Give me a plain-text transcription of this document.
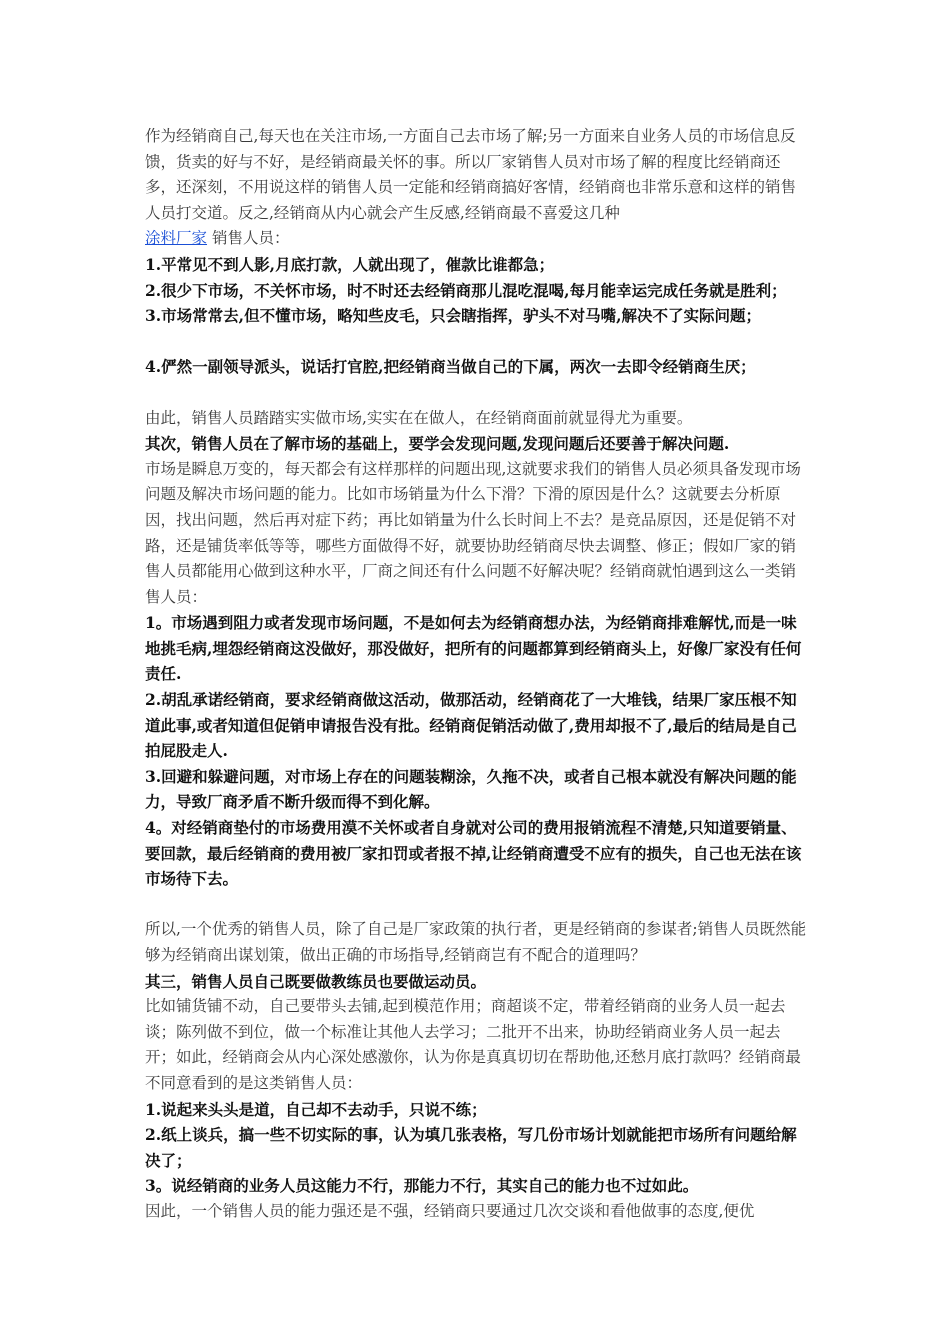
作为经销商自己,每天也在关注市场,一方面自己去市场了解;另一方面来自业务人员的市场信息反馈，货卖的好与不好，是经销商最关怀的事。所以厂家销售人员对市场了解的程度比经销商还多，还深刻，不用说这样的销售人员一定能和经销商搞好客情，经销商也非常乐意和这样的销售人员打交道。反之,经销商从内心就会产生反感,经销商最不喜爱这几种
涂料厂家 销售人员：

1.平常见不到人影,月底打款，人就出现了，催款比谁都急；

2.很少下市场，不关怀市场，时不时还去经销商那儿混吃混喝,每月能幸运完成任务就是胜利；

3.市场常常去,但不懂市场，略知些皮毛，只会瞎指挥，驴头不对马嘴,解决不了实际问题；

4.俨然一副领导派头，说话打官腔,把经销商当做自己的下属，两次一去即令经销商生厌；

由此，销售人员踏踏实实做市场,实实在在做人，在经销商面前就显得尤为重要。

其次，销售人员在了解市场的基础上，要学会发现问题,发现问题后还要善于解决问题.

市场是瞬息万变的，每天都会有这样那样的问题出现,这就要求我们的销售人员必须具备发现市场问题及解决市场问题的能力。比如市场销量为什么下滑？下滑的原因是什么？这就要去分析原因，找出问题，然后再对症下药；再比如销量为什么长时间上不去？是竞品原因，还是促销不对路，还是铺货率低等等，哪些方面做得不好，就要协助经销商尽快去调整、修正；假如厂家的销售人员都能用心做到这种水平，厂商之间还有什么问题不好解决呢？经销商就怕遇到这么一类销售人员：

1。市场遇到阻力或者发现市场问题，不是如何去为经销商想办法，为经销商排难解忧,而是一味地挑毛病,埋怨经销商这没做好，那没做好，把所有的问题都算到经销商头上，好像厂家没有任何责任.

2.胡乱承诺经销商，要求经销商做这活动，做那活动，经销商花了一大堆钱，结果厂家压根不知道此事,或者知道但促销申请报告没有批。经销商促销活动做了,费用却报不了,最后的结局是自己拍屁股走人.

3.回避和躲避问题，对市场上存在的问题装糊涂，久拖不决，或者自己根本就没有解决问题的能力，导致厂商矛盾不断升级而得不到化解。

4。对经销商垫付的市场费用漠不关怀或者自身就对公司的费用报销流程不清楚,只知道要销量、要回款，最后经销商的费用被厂家扣罚或者报不掉,让经销商遭受不应有的损失，自己也无法在该市场待下去。

所以,一个优秀的销售人员，除了自己是厂家政策的执行者，更是经销商的参谋者;销售人员既然能够为经销商出谋划策，做出正确的市场指导,经销商岂有不配合的道理吗？

其三，销售人员自己既要做教练员也要做运动员。

比如铺货铺不动，自己要带头去铺,起到模范作用；商超谈不定，带着经销商的业务人员一起去谈；陈列做不到位，做一个标准让其他人去学习；二批开不出来，协助经销商业务人员一起去开；如此，经销商会从内心深处感激你，认为你是真真切切在帮助他,还愁月底打款吗？经销商最不同意看到的是这类销售人员：

1.说起来头头是道，自己却不去动手，只说不练；

2.纸上谈兵，搞一些不切实际的事，认为填几张表格，写几份市场计划就能把市场所有问题给解决了；

3。说经销商的业务人员这能力不行，那能力不行，其实自己的能力也不过如此。

因此，一个销售人员的能力强还是不强，经销商只要通过几次交谈和看他做事的态度,便优
